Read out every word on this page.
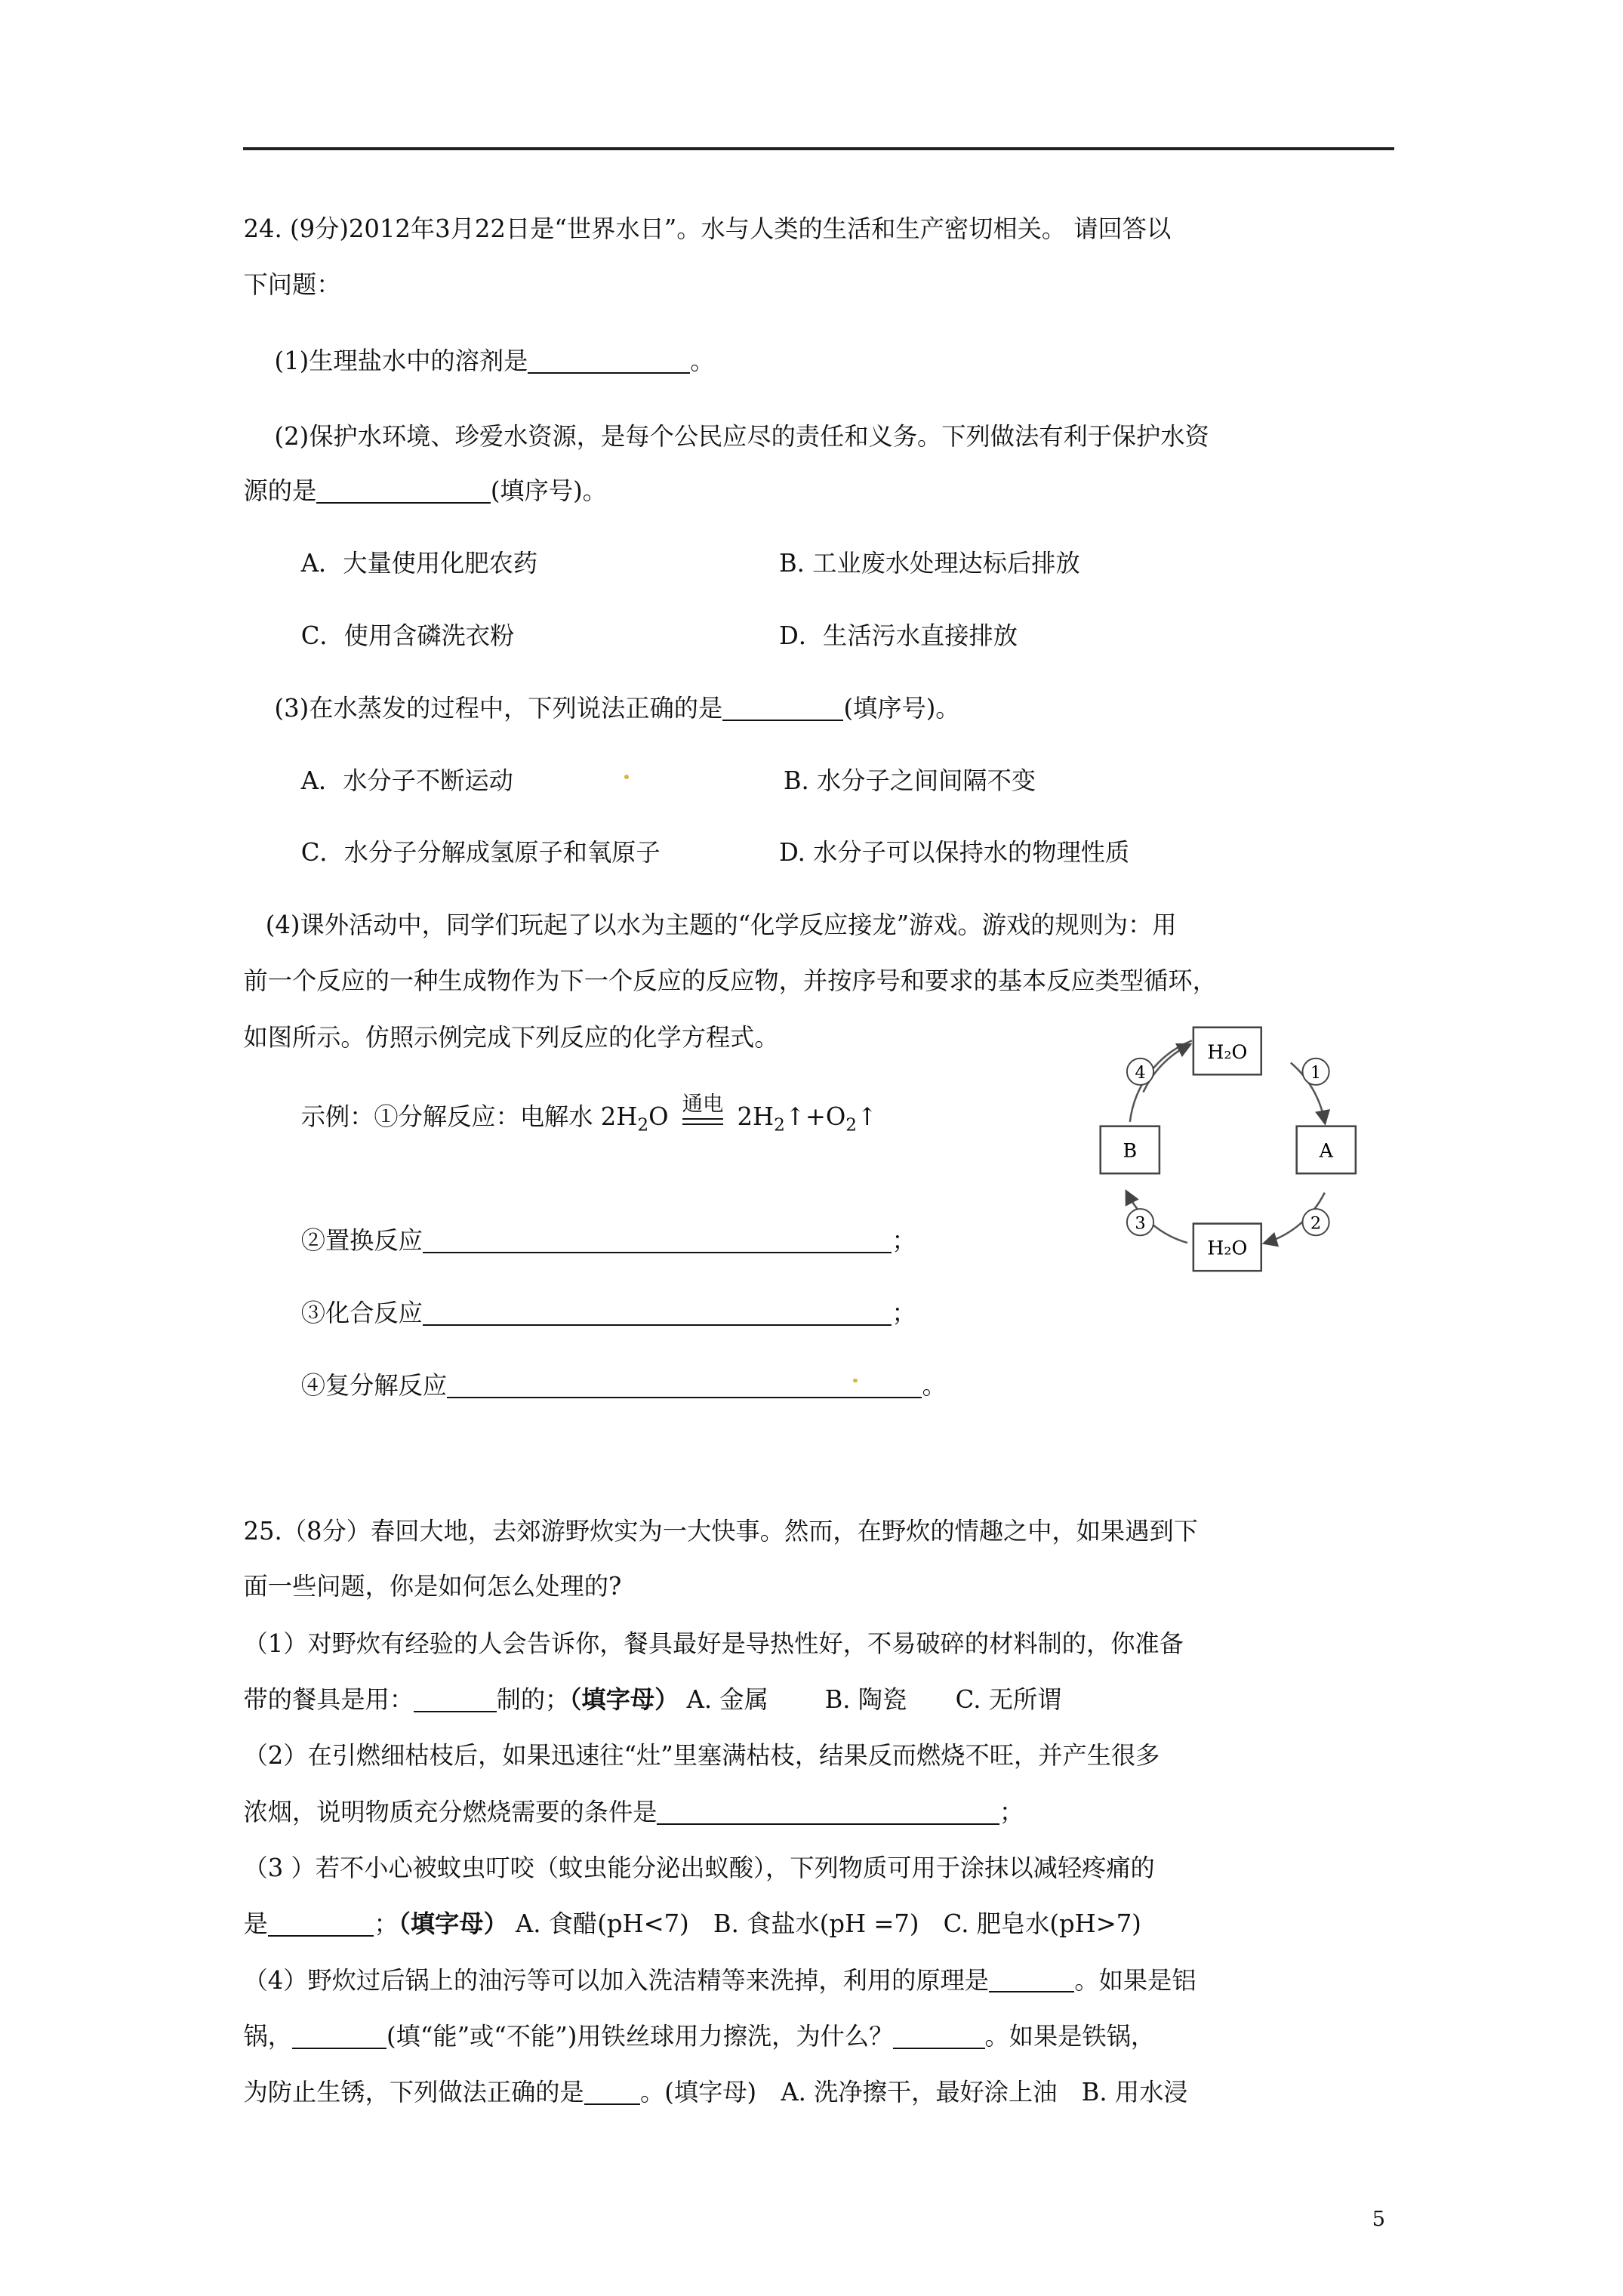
24. (9分)2012年3月22日是“世界水日”。水与人类的生活和生产密切相关。 请回答以
下问题：
(1)生理盐水中的溶剂是	。
(2)保护水环境、珍爱水资源，是每个公民应尽的责任和义务。下列做法有利于保护水资
源的是	(填序号)。
A．大量使用化肥农药	B. 工业废水处理达标后排放
C．使用含磷洗衣粉	D．生活污水直接排放
(3)在水蒸发的过程中，下列说法正确的是	(填序号)。
A．水分子不断运动	B. 水分子之间间隔不变
C．水分子分解成氢原子和氧原子	D. 水分子可以保持水的物理性质
(4)课外活动中，同学们玩起了以水为主题的“化学反应接龙”游戏。游戏的规则为：用
前一个反应的一种生成物作为下一个反应的反应物，并按序号和要求的基本反应类型循环，
如图所示。仿照示例完成下列反应的化学方程式。
示例：①分解反应：电解水 $2H_2O$ 通电 $2H_2↑+O_2↑$
②置换反应	；
③化合反应	；
④复分解反应	。
H₂O
A
H₂O
B
1
2
3
4
25.（8分）春回大地，去郊游野炊实为一大快事。然而，在野炊的情趣之中，如果遇到下
面一些问题，你是如何怎么处理的?
（1）对野炊有经验的人会告诉你，餐具最好是导热性好，不易破碎的材料制的，你准备
带的餐具是用：	制的；（填字母） A. 金属　　 B. 陶瓷　　C. 无所谓
（2）在引燃细枯枝后，如果迅速往“灶”里塞满枯枝，结果反而燃烧不旺，并产生很多
浓烟，说明物质充分燃烧需要的条件是	；
（3 ）若不小心被蚊虫叮咬（蚊虫能分泌出蚁酸），下列物质可用于涂抹以减轻疼痛的
是	；（填字母） A. 食醋(pH<7)　B. 食盐水(pH =7)　C. 肥皂水(pH>7)
（4）野炊过后锅上的油污等可以加入洗洁精等来洗掉，利用的原理是	。如果是铝
锅，	(填“能”或“不能”)用铁丝球用力擦洗，为什么？	。如果是铁锅，
为防止生锈，下列做法正确的是	。(填字母)　A. 洗净擦干，最好涂上油　B. 用水浸
5
